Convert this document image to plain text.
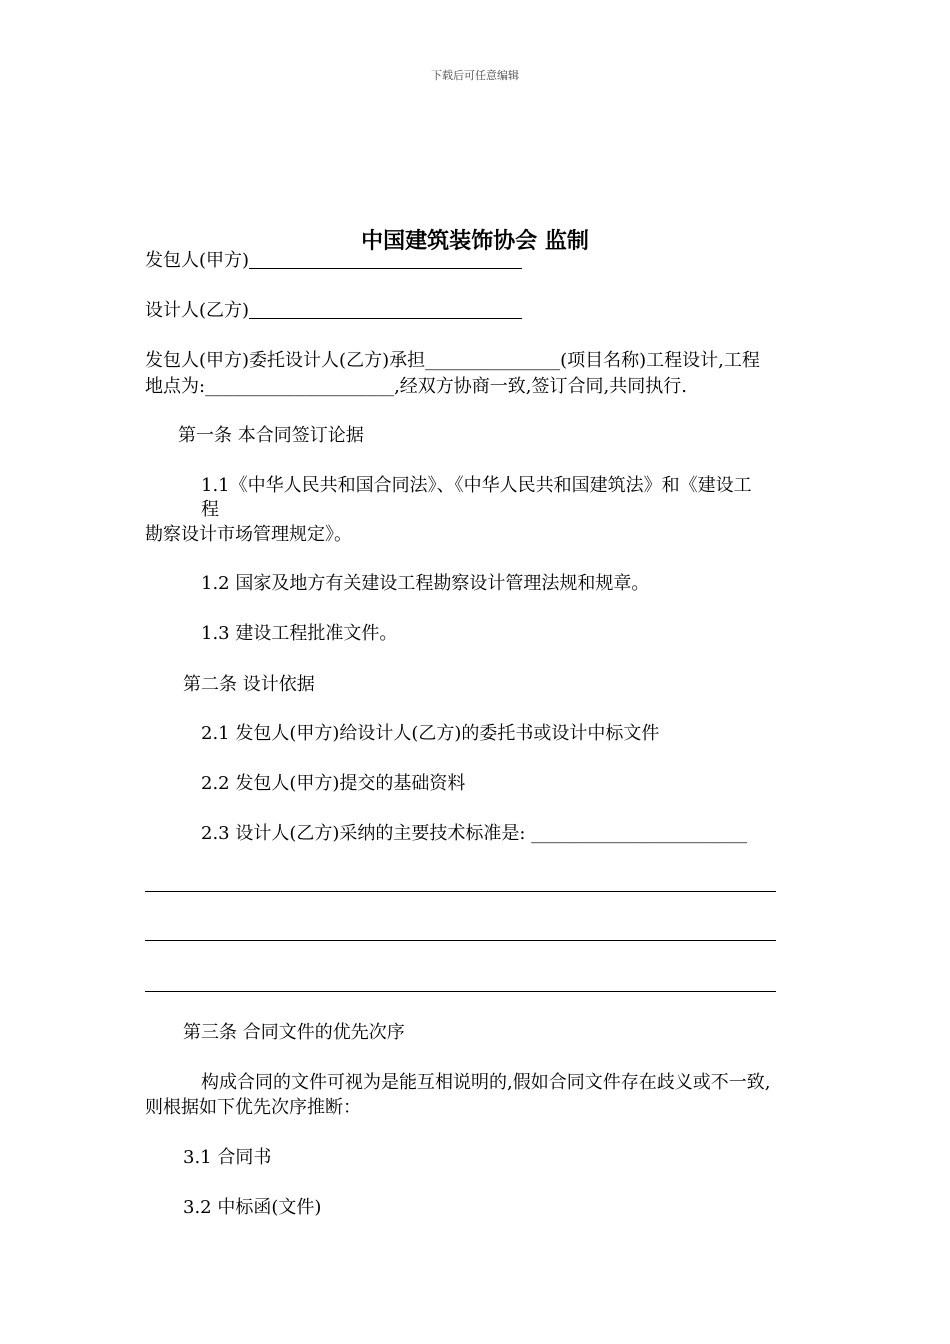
下载后可任意编辑
中国建筑装饰协会 监制
发包人(甲方)
设计人(乙方)
发包人(甲方)委托设计人(乙方)承担_______________(项目名称)工程设计,工程
地点为:_____________________,经双方协商一致,签订合同,共同执行.
第一条 本合同签订论据
1.1《中华人民共和国合同法》、《中华人民共和国建筑法》和《建设工
程
勘察设计市场管理规定》。
1.2 国家及地方有关建设工程勘察设计管理法规和规章。
1.3 建设工程批准文件。
第二条 设计依据
2.1 发包人(甲方)给设计人(乙方)的委托书或设计中标文件
2.2 发包人(甲方)提交的基础资料
2.3 设计人(乙方)采纳的主要技术标准是: ________________________
第三条 合同文件的优先次序
构成合同的文件可视为是能互相说明的,假如合同文件存在歧义或不一致,
则根据如下优先次序推断：
3.1 合同书
3.2 中标函(文件)
